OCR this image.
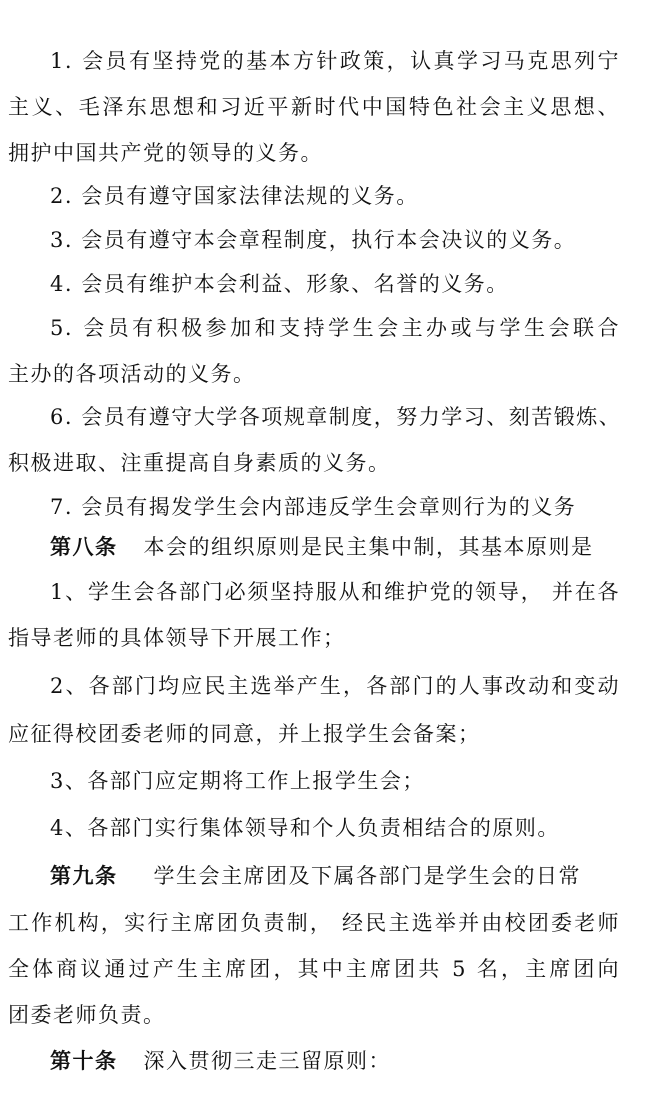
1. 会员有坚持党的基本方针政策，认真学习马克思列宁
主义、毛泽东思想和习近平新时代中国特色社会主义思想、
拥护中国共产党的领导的义务。
2. 会员有遵守国家法律法规的义务。
3. 会员有遵守本会章程制度，执行本会决议的义务。
4. 会员有维护本会利益、形象、名誉的义务。
5. 会员有积极参加和支持学生会主办或与学生会联合
主办的各项活动的义务。
6. 会员有遵守大学各项规章制度，努力学习、刻苦锻炼、
积极进取、注重提高自身素质的义务。
7. 会员有揭发学生会内部违反学生会章则行为的义务
第八条 本会的组织原则是民主集中制，其基本原则是
1、学生会各部门必须坚持服从和维护党的领导， 并在各
指导老师的具体领导下开展工作；
2、各部门均应民主选举产生，各部门的人事改动和变动
应征得校团委老师的同意，并上报学生会备案；
3、各部门应定期将工作上报学生会；
4、各部门实行集体领导和个人负责相结合的原则。
第九条 学生会主席团及下属各部门是学生会的日常
工作机构，实行主席团负责制， 经民主选举并由校团委老师
全体商议通过产生主席团，其中主席团共 5 名，主席团向
团委老师负责。
第十条 深入贯彻三走三留原则：
